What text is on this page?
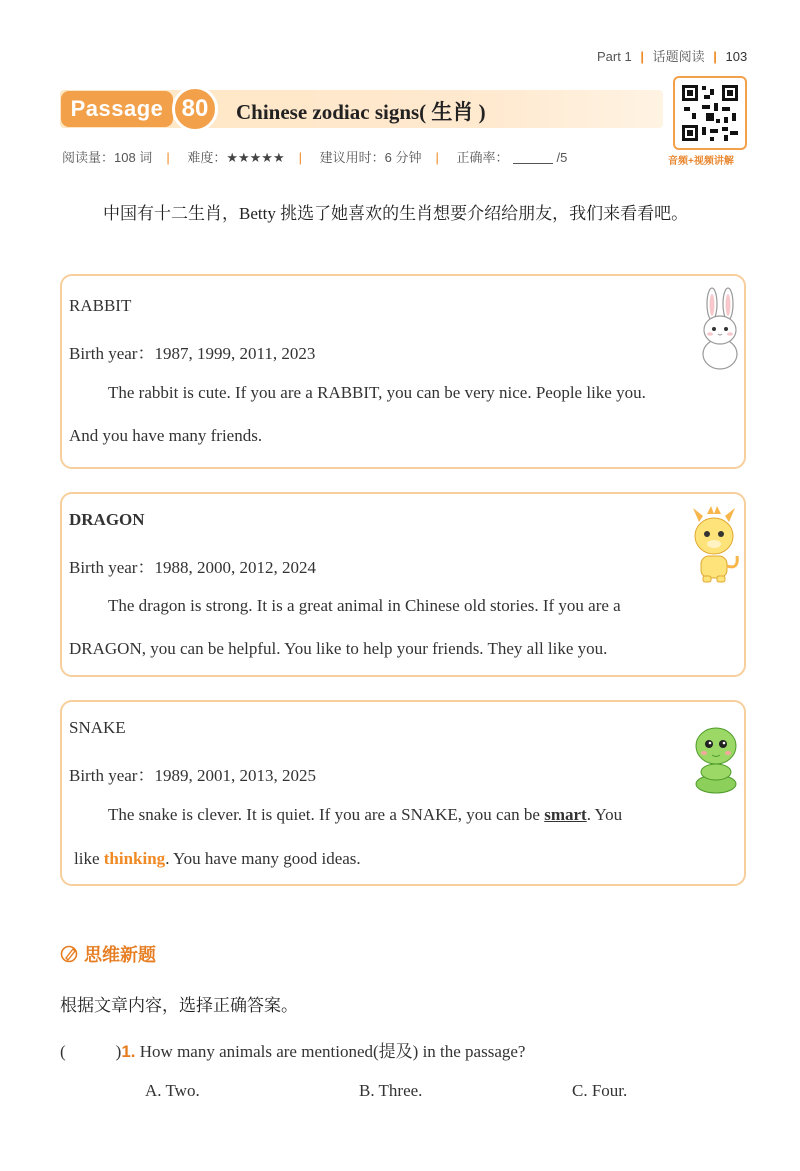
Part 1 | 话题阅读 | 103
Passage 80	Chinese zodiac signs( 生肖 )
音频+视频讲解
阅读量：108 词 | 难度：★★★★★ | 建议用时：6 分钟 | 正确率：	/5
中国有十二生肖，Betty 挑选了她喜欢的生肖想要介绍给朋友，我们来看看吧。
RABBIT
Birth year：1987, 1999, 2011, 2023
The rabbit is cute. If you are a RABBIT, you can be very nice. People like you.
And you have many friends.
DRAGON
Birth year：1988, 2000, 2012, 2024
The dragon is strong. It is a great animal in Chinese old stories. If you are a
DRAGON, you can be helpful. You like to help your friends. They all like you.
SNAKE
Birth year：1989, 2001, 2013, 2025
The snake is clever. It is quiet. If you are a SNAKE, you can be smart. You
like thinking. You have many good ideas.
思维新题
根据文章内容，选择正确答案。
(	)1. How many animals are mentioned(提及) in the passage?
A. Two.	B. Three.	C. Four.
